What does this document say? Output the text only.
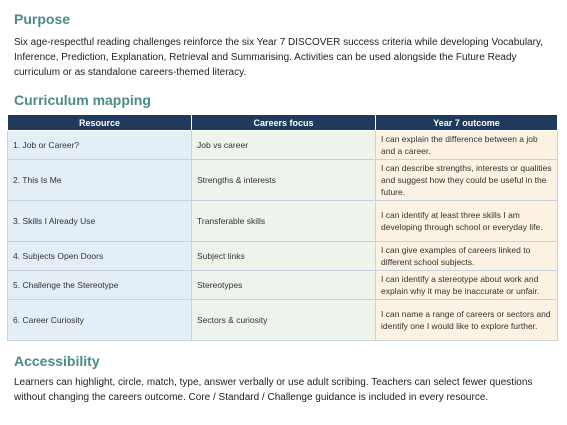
Purpose
Six age-respectful reading challenges reinforce the six Year 7 DISCOVER success criteria while developing Vocabulary, Inference, Prediction, Explanation, Retrieval and Summarising. Activities can be used alongside the Future Ready curriculum or as standalone careers-themed literacy.
Curriculum mapping
Resource	Careers focus	Year 7 outcome
1. Job or Career?	Job vs career	I can explain the difference between a job and a career.
2. This Is Me	Strengths & interests	I can describe strengths, interests or qualities and suggest how they could be useful in the future.
3. Skills I Already Use	Transferable skills	I can identify at least three skills I am developing through school or everyday life.
4. Subjects Open Doors	Subject links	I can give examples of careers linked to different school subjects.
5. Challenge the Stereotype	Stereotypes	I can identify a stereotype about work and explain why it may be inaccurate or unfair.
6. Career Curiosity	Sectors & curiosity	I can name a range of careers or sectors and identify one I would like to explore further.
Accessibility
Learners can highlight, circle, match, type, answer verbally or use adult scribing. Teachers can select fewer questions without changing the careers outcome. Core / Standard / Challenge guidance is included in every resource.
